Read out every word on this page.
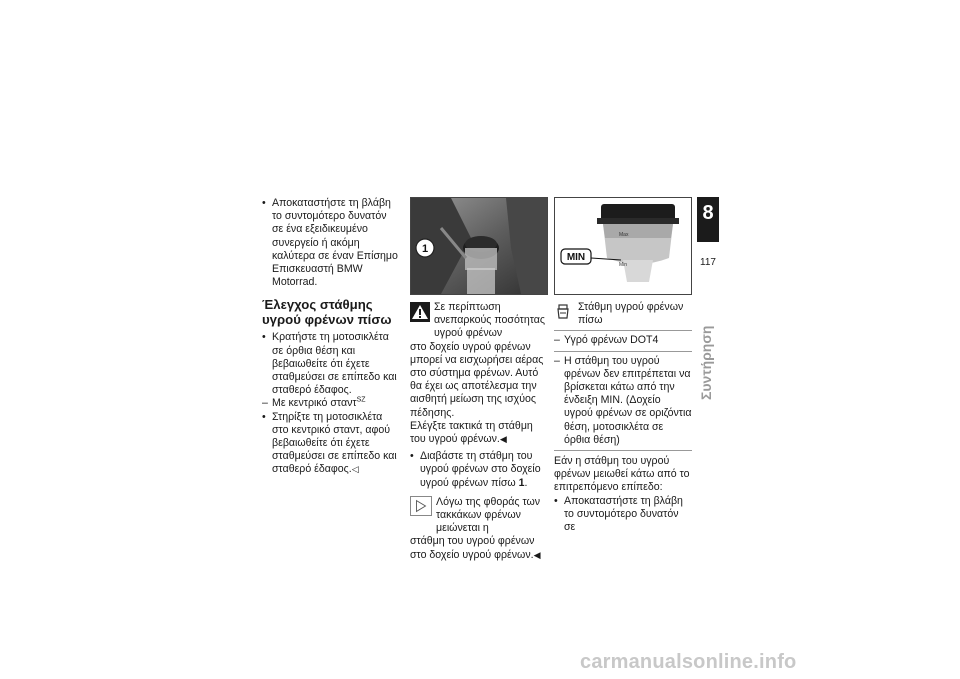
• Αποκαταστήστε τη βλάβη το συντομότερο δυνατόν σε ένα εξειδικευμένο συνεργείο ή ακόμη καλύτερα σε έναν Επίσημο Επισκευαστή BMW Motorrad.

Έλεγχος στάθμης υγρού φρένων πίσω

• Κρατήστε τη μοτοσικλέτα σε όρθια θέση και βεβαιωθείτε ότι έχετε σταθμεύσει σε επίπεδο και σταθερό έδαφος.

– Με κεντρικό σταντ$^{SZ}$

• Στηρίξτε τη μοτοσικλέτα στο κεντρικό σταντ, αφού βεβαιωθείτε ότι έχετε σταθμεύσει σε επίπεδο και σταθερό έδαφος.◁

1

Σε περίπτωση ανεπαρκούς ποσότητας υγρού φρένων

στο δοχείο υγρού φρένων μπορεί να εισχωρήσει αέρας στο σύστημα φρένων. Αυτό θα έχει ως αποτέλεσμα την αισθητή μείωση της ισχύος πέδησης.

Ελέγξτε τακτικά τη στάθμη του υγρού φρένων.◀

• Διαβάστε τη στάθμη του υγρού φρένων στο δοχείο υγρού φρένων πίσω 1.

Λόγω της φθοράς των τακκάκων φρένων μειώνεται η

στάθμη του υγρού φρένων στο δοχείο υγρού φρένων.◀

Max
Min
MIN

Στάθμη υγρού φρένων πίσω

– Υγρό φρένων DOT4

– Η στάθμη του υγρού φρένων δεν επιτρέπεται να βρίσκεται κάτω από την ένδειξη MIN. (Δοχείο υγρού φρένων σε οριζόντια θέση, μοτοσικλέτα σε όρθια θέση)

Εάν η στάθμη του υγρού φρένων μειωθεί κάτω από το επιτρεπόμενο επίπεδο:

• Αποκαταστήστε τη βλάβη το συντομότερο δυνατόν σε

8
117
Συντήρηση
carmanualsonline.info
